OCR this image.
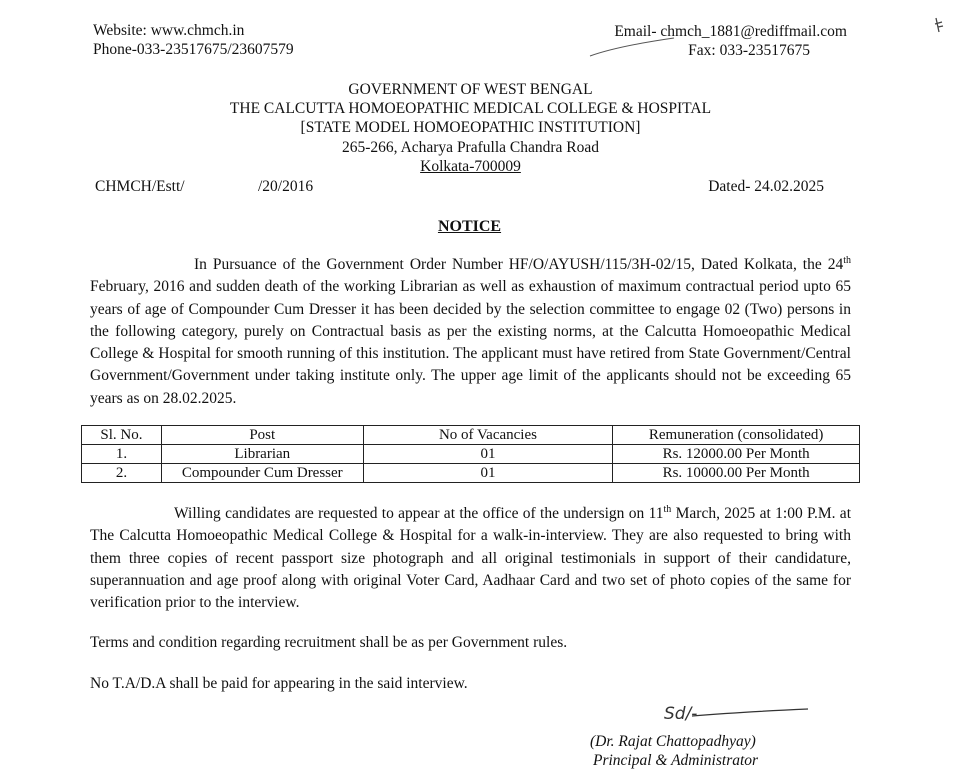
Website: www.chmch.in
Phone-033-23517675/23607579
Email- chmch_1881@rediffmail.com
Fax: 033-23517675
GOVERNMENT OF WEST BENGAL
THE CALCUTTA HOMOEOPATHIC MEDICAL COLLEGE & HOSPITAL
[STATE MODEL HOMOEOPATHIC INSTITUTION]
265-266, Acharya Prafulla Chandra Road
Kolkata-700009
CHMCH/Estt/	/20/2016	Dated- 24.02.2025
NOTICE
In Pursuance of the Government Order Number HF/O/AYUSH/115/3H-02/15, Dated Kolkata, the 24th February, 2016 and sudden death of the working Librarian as well as exhaustion of maximum contractual period upto 65 years of age of Compounder Cum Dresser it has been decided by the selection committee to engage 02 (Two) persons in the following category, purely on Contractual basis as per the existing norms, at the Calcutta Homoeopathic Medical College & Hospital for smooth running of this institution. The applicant must have retired from State Government/Central Government/Government under taking institute only. The upper age limit of the applicants should not be exceeding 65 years as on 28.02.2025.
Sl. No.	Post	No of Vacancies	Remuneration (consolidated)
1.	Librarian	01	Rs. 12000.00 Per Month
2.	Compounder Cum Dresser	01	Rs. 10000.00 Per Month
Willing candidates are requested to appear at the office of the undersign on 11th March, 2025 at 1:00 P.M. at The Calcutta Homoeopathic Medical College & Hospital for a walk-in-interview. They are also requested to bring with them three copies of recent passport size photograph and all original testimonials in support of their candidature, superannuation and age proof along with original Voter Card, Aadhaar Card and two set of photo copies of the same for verification prior to the interview.
Terms and condition regarding recruitment shall be as per Government rules.
No T.A/D.A shall be paid for appearing in the said interview.
Sd/-
(Dr. Rajat Chattopadhyay)
Principal & Administrator
